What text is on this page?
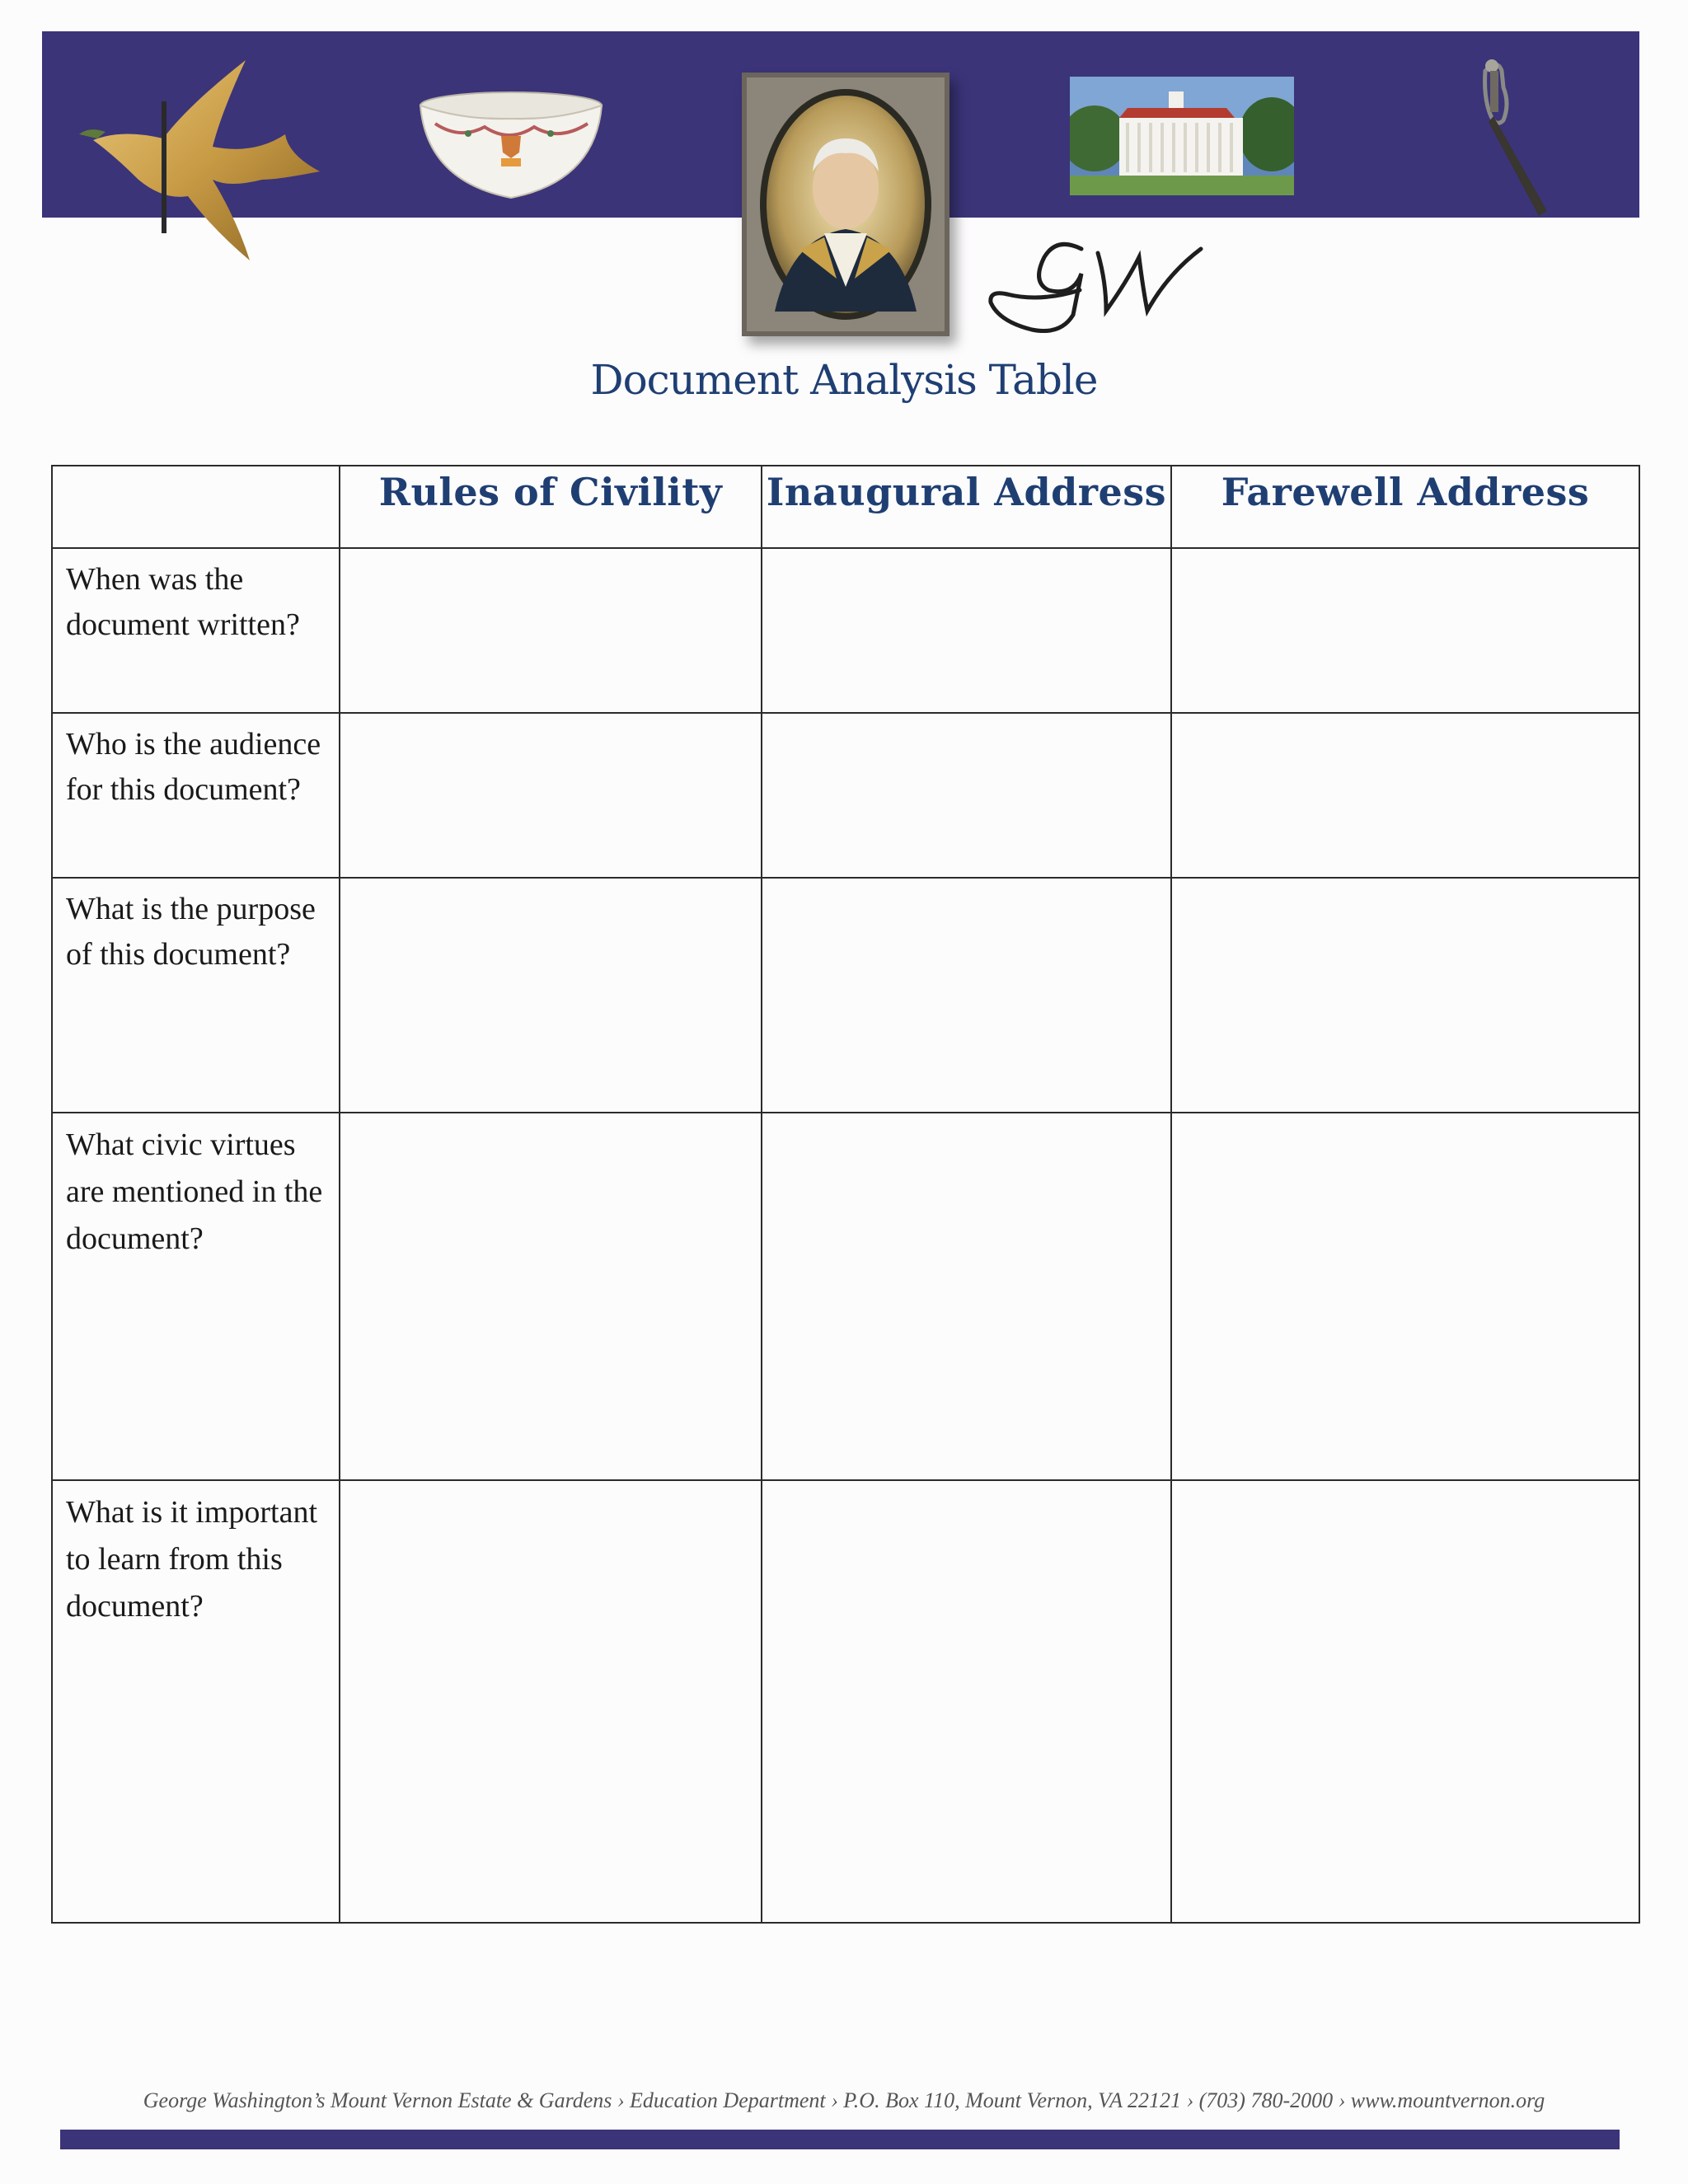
Document Analysis Table
	Rules of Civility	Inaugural Address	Farewell Address

When was the document written?			

Who is the audience for this document?			

What is the purpose of this document?			

What civic virtues are mentioned in the document?			

What is it important to learn from this document?			

George Washington’s Mount Vernon Estate & Gardens › Education Department › P.O. Box 110, Mount Vernon, VA 22121 › (703) 780-2000 › www.mountvernon.org
